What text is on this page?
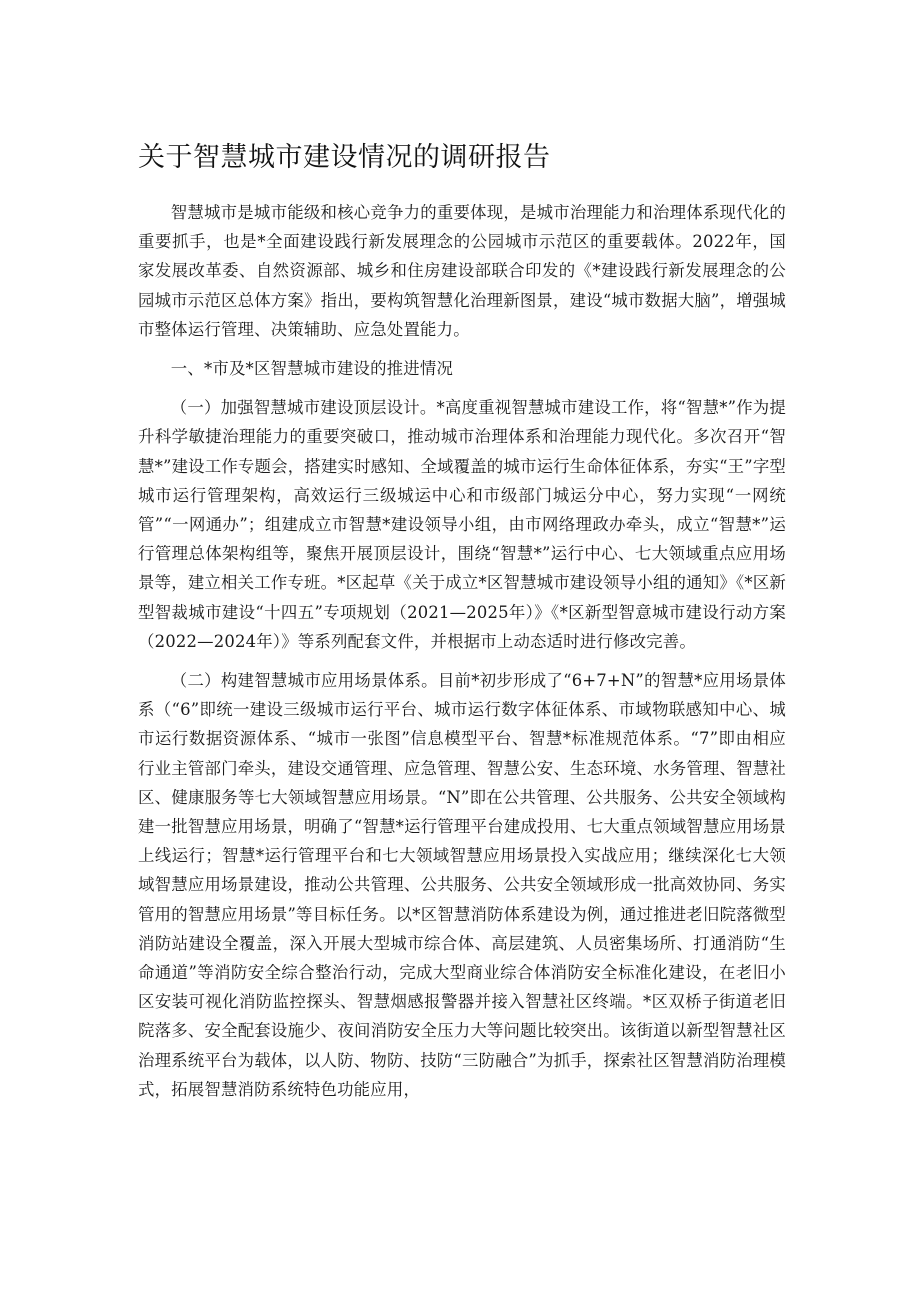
关于智慧城市建设情况的调研报告

智慧城市是城市能级和核心竞争力的重要体现，是城市治理能力和治理体系现代化的重要抓手，也是*全面建设践行新发展理念的公园城市示范区的重要载体。2022年，国家发展改革委、自然资源部、城乡和住房建设部联合印发的《*建设践行新发展理念的公园城市示范区总体方案》指出，要构筑智慧化治理新图景，建设“城市数据大脑”，增强城市整体运行管理、决策辅助、应急处置能力。

一、*市及*区智慧城市建设的推进情况

（一）加强智慧城市建设顶层设计。*高度重视智慧城市建设工作，将“智慧*”作为提升科学敏捷治理能力的重要突破口，推动城市治理体系和治理能力现代化。多次召开“智慧*”建设工作专题会，搭建实时感知、全域覆盖的城市运行生命体征体系，夯实“王”字型城市运行管理架构，高效运行三级城运中心和市级部门城运分中心，努力实现“一网统管”“一网通办”；组建成立市智慧*建设领导小组，由市网络理政办牵头，成立“智慧*”运行管理总体架构组等，聚焦开展顶层设计，围绕“智慧*”运行中心、七大领域重点应用场景等，建立相关工作专班。*区起草《关于成立*区智慧城市建设领导小组的通知》《*区新型智裁城市建设“十四五”专项规划（2021—2025年）》《*区新型智意城市建设行动方案（2022—2024年）》等系列配套文件，并根据市上动态适时进行修改完善。

（二）构建智慧城市应用场景体系。目前*初步形成了“6+7+N”的智慧*应用场景体系（“6”即统一建设三级城市运行平台、城市运行数字体征体系、市域物联感知中心、城市运行数据资源体系、“城市一张图”信息模型平台、智慧*标准规范体系。“7”即由相应行业主管部门牵头，建设交通管理、应急管理、智慧公安、生态环境、水务管理、智慧社区、健康服务等七大领域智慧应用场景。“N”即在公共管理、公共服务、公共安全领域构建一批智慧应用场景，明确了“智慧*运行管理平台建成投用、七大重点领域智慧应用场景上线运行；智慧*运行管理平台和七大领域智慧应用场景投入实战应用；继续深化七大领域智慧应用场景建设，推动公共管理、公共服务、公共安全领域形成一批高效协同、务实管用的智慧应用场景”等目标任务。以*区智慧消防体系建设为例，通过推进老旧院落微型消防站建设全覆盖，深入开展大型城市综合体、高层建筑、人员密集场所、打通消防“生命通道”等消防安全综合整治行动，完成大型商业综合体消防安全标准化建设，在老旧小区安装可视化消防监控探头、智慧烟感报警器并接入智慧社区终端。*区双桥子街道老旧院落多、安全配套设施少、夜间消防安全压力大等问题比较突出。该街道以新型智慧社区治理系统平台为载体，以人防、物防、技防“三防融合”为抓手，探索社区智慧消防治理模式，拓展智慧消防系统特色功能应用，
